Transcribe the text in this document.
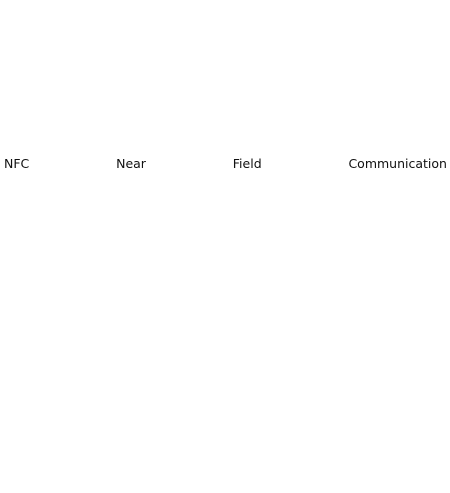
NFC	Near Field Communication
